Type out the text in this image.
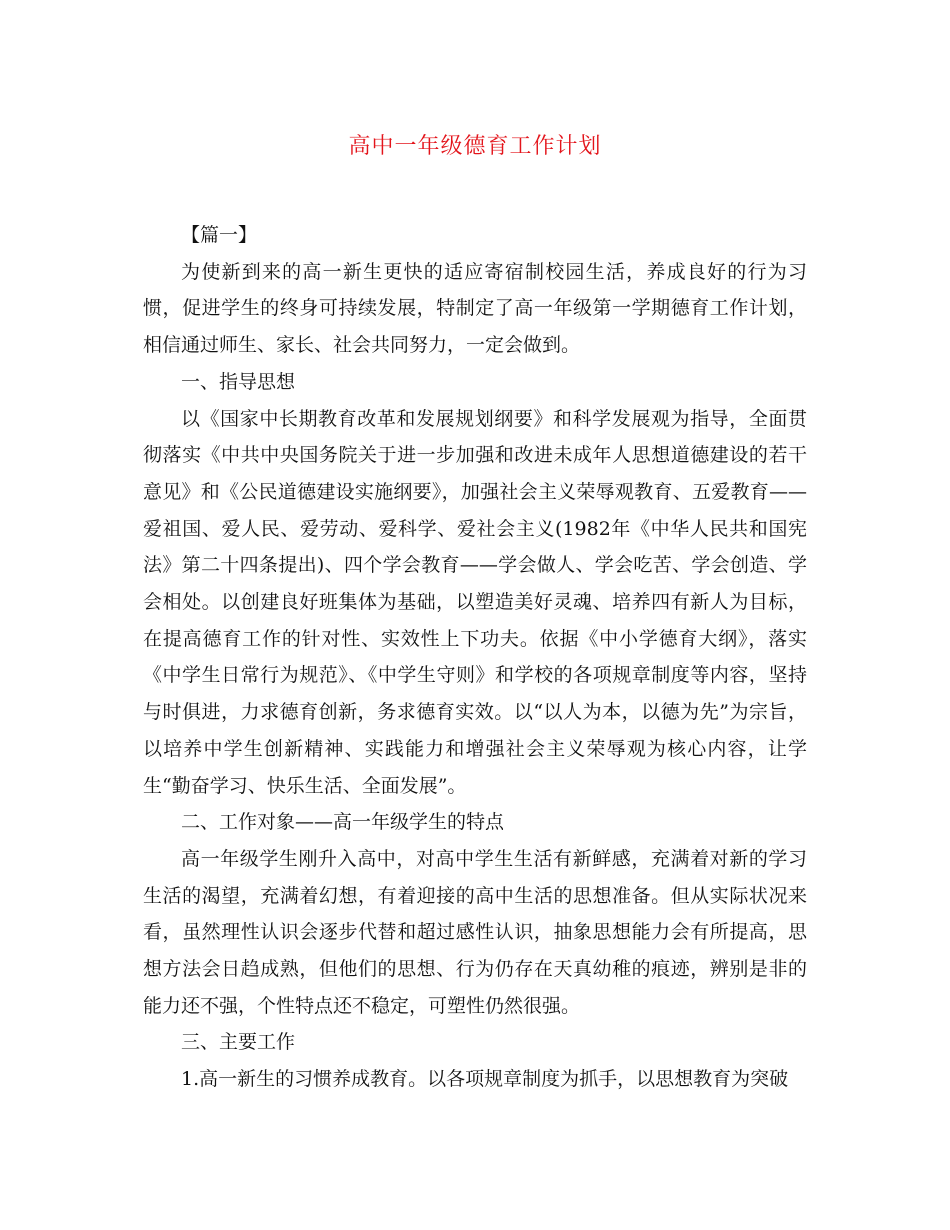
高中一年级德育工作计划

【篇一】

为使新到来的高一新生更快的适应寄宿制校园生活，养成良好的行为习惯，促进学生的终身可持续发展，特制定了高一年级第一学期德育工作计划，相信通过师生、家长、社会共同努力，一定会做到。

一、指导思想

以《国家中长期教育改革和发展规划纲要》和科学发展观为指导，全面贯彻落实《中共中央国务院关于进一步加强和改进未成年人思想道德建设的若干意见》和《公民道德建设实施纲要》，加强社会主义荣辱观教育、五爱教育——爱祖国、爱人民、爱劳动、爱科学、爱社会主义(1982年《中华人民共和国宪法》第二十四条提出)、四个学会教育——学会做人、学会吃苦、学会创造、学会相处。以创建良好班集体为基础，以塑造美好灵魂、培养四有新人为目标，在提高德育工作的针对性、实效性上下功夫。依据《中小学德育大纲》，落实《中学生日常行为规范》、《中学生守则》和学校的各项规章制度等内容，坚持与时俱进，力求德育创新，务求德育实效。以“以人为本，以德为先”为宗旨，以培养中学生创新精神、实践能力和增强社会主义荣辱观为核心内容，让学生“勤奋学习、快乐生活、全面发展”。

二、工作对象——高一年级学生的特点

高一年级学生刚升入高中，对高中学生生活有新鲜感，充满着对新的学习生活的渴望，充满着幻想，有着迎接的高中生活的思想准备。但从实际状况来看，虽然理性认识会逐步代替和超过感性认识，抽象思想能力会有所提高，思想方法会日趋成熟，但他们的思想、行为仍存在天真幼稚的痕迹，辨别是非的能力还不强，个性特点还不稳定，可塑性仍然很强。

三、主要工作

1.高一新生的习惯养成教育。以各项规章制度为抓手，以思想教育为突破
